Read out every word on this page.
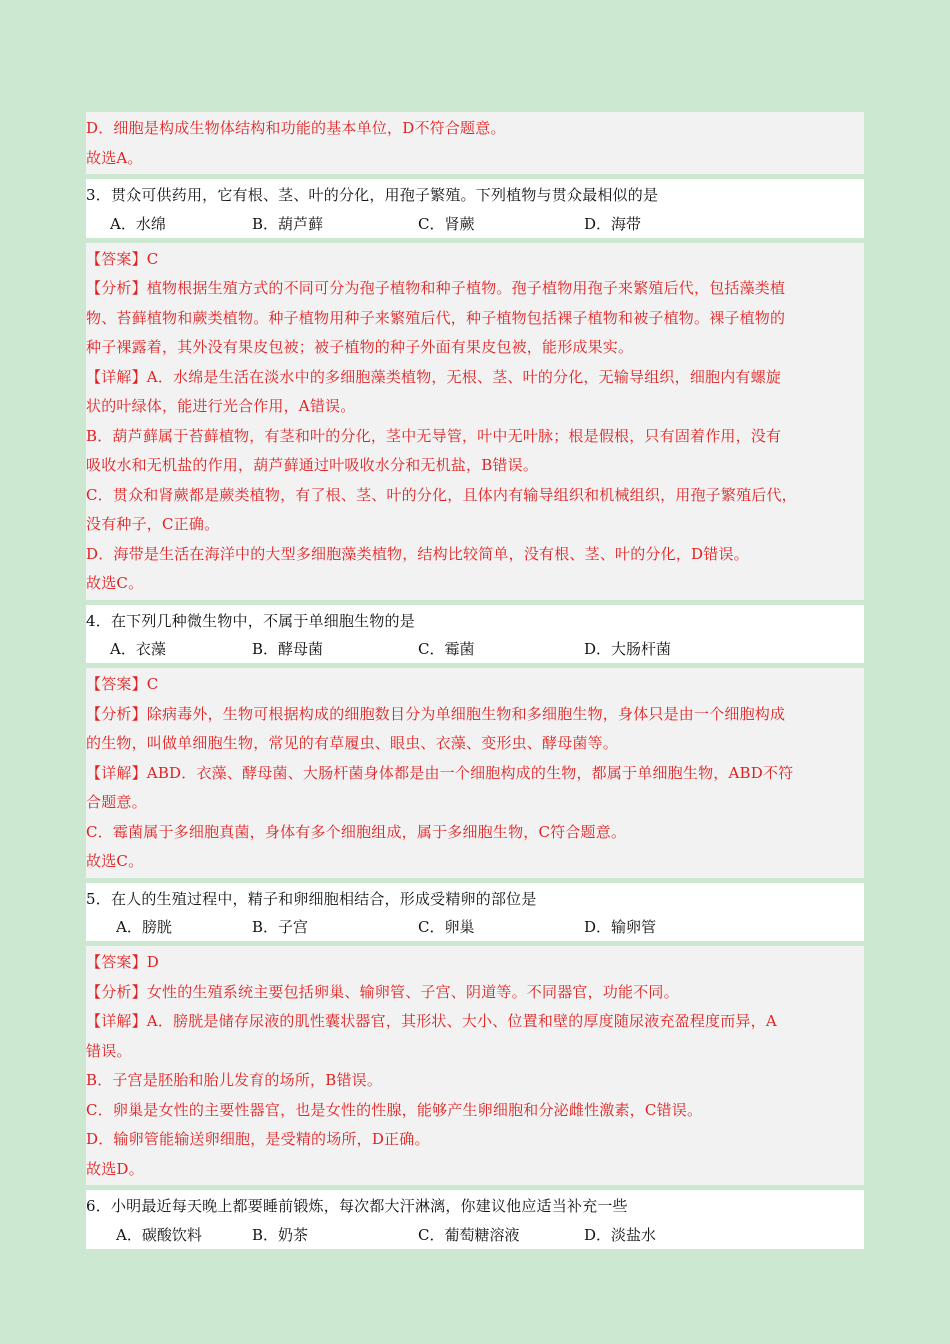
D．细胞是构成生物体结构和功能的基本单位，D不符合题意。
故选A。
3．贯众可供药用，它有根、茎、叶的分化，用孢子繁殖。下列植物与贯众最相似的是
A．水绵	B．葫芦藓	C．肾蕨	D．海带
【答案】C
【分析】植物根据生殖方式的不同可分为孢子植物和种子植物。孢子植物用孢子来繁殖后代，包括藻类植
物、苔藓植物和蕨类植物。种子植物用种子来繁殖后代，种子植物包括裸子植物和被子植物。裸子植物的
种子裸露着，其外没有果皮包被；被子植物的种子外面有果皮包被，能形成果实。
【详解】A．水绵是生活在淡水中的多细胞藻类植物，无根、茎、叶的分化，无输导组织，细胞内有螺旋
状的叶绿体，能进行光合作用，A错误。
B．葫芦藓属于苔藓植物，有茎和叶的分化，茎中无导管，叶中无叶脉；根是假根，只有固着作用，没有
吸收水和无机盐的作用，葫芦藓通过叶吸收水分和无机盐，B错误。
C．贯众和肾蕨都是蕨类植物，有了根、茎、叶的分化，且体内有输导组织和机械组织，用孢子繁殖后代，
没有种子，C正确。
D．海带是生活在海洋中的大型多细胞藻类植物，结构比较简单，没有根、茎、叶的分化，D错误。
故选C。
4．在下列几种微生物中，不属于单细胞生物的是
A．衣藻	B．酵母菌	C．霉菌	D．大肠杆菌
【答案】C
【分析】除病毒外，生物可根据构成的细胞数目分为单细胞生物和多细胞生物，身体只是由一个细胞构成
的生物，叫做单细胞生物，常见的有草履虫、眼虫、衣藻、变形虫、酵母菌等。
【详解】ABD．衣藻、酵母菌、大肠杆菌身体都是由一个细胞构成的生物，都属于单细胞生物，ABD不符
合题意。
C．霉菌属于多细胞真菌，身体有多个细胞组成，属于多细胞生物，C符合题意。
故选C。
5．在人的生殖过程中，精子和卵细胞相结合，形成受精卵的部位是
A．膀胱	B．子宫	C．卵巢	D．输卵管
【答案】D
【分析】女性的生殖系统主要包括卵巢、输卵管、子宫、阴道等。不同器官，功能不同。
【详解】A．膀胱是储存尿液的肌性囊状器官，其形状、大小、位置和壁的厚度随尿液充盈程度而异，A
错误。
B．子宫是胚胎和胎儿发育的场所，B错误。
C．卵巢是女性的主要性器官，也是女性的性腺，能够产生卵细胞和分泌雌性激素，C错误。
D．输卵管能输送卵细胞，是受精的场所，D正确。
故选D。
6．小明最近每天晚上都要睡前锻炼，每次都大汗淋漓，你建议他应适当补充一些
A．碳酸饮料	B．奶茶	C．葡萄糖溶液	D．淡盐水
